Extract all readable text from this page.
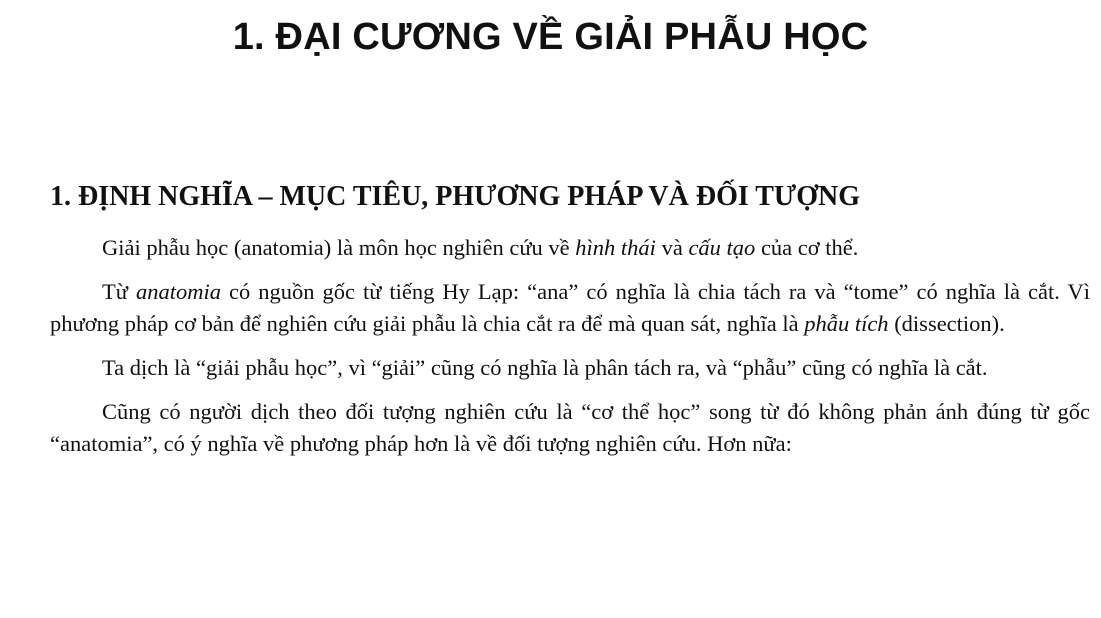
1. ĐẠI CƯƠNG VỀ GIẢI PHẪU HỌC
1. ĐỊNH NGHĨA – MỤC TIÊU, PHƯƠNG PHÁP VÀ ĐỐI TƯỢNG

Giải phẫu học (anatomia) là môn học nghiên cứu về hình thái và cấu tạo của cơ thể.

Từ anatomia có nguồn gốc từ tiếng Hy Lạp: “ana” có nghĩa là chia tách ra và “tome” có nghĩa là cắt. Vì phương pháp cơ bản để nghiên cứu giải phẫu là chia cắt ra để mà quan sát, nghĩa là phẫu tích (dissection).

Ta dịch là “giải phẫu học”, vì “giải” cũng có nghĩa là phân tách ra, và “phẫu” cũng có nghĩa là cắt.

Cũng có người dịch theo đối tượng nghiên cứu là “cơ thể học” song từ đó không phản ánh đúng từ gốc “anatomia”, có ý nghĩa về phương pháp hơn là về đối tượng nghiên cứu. Hơn nữa:
